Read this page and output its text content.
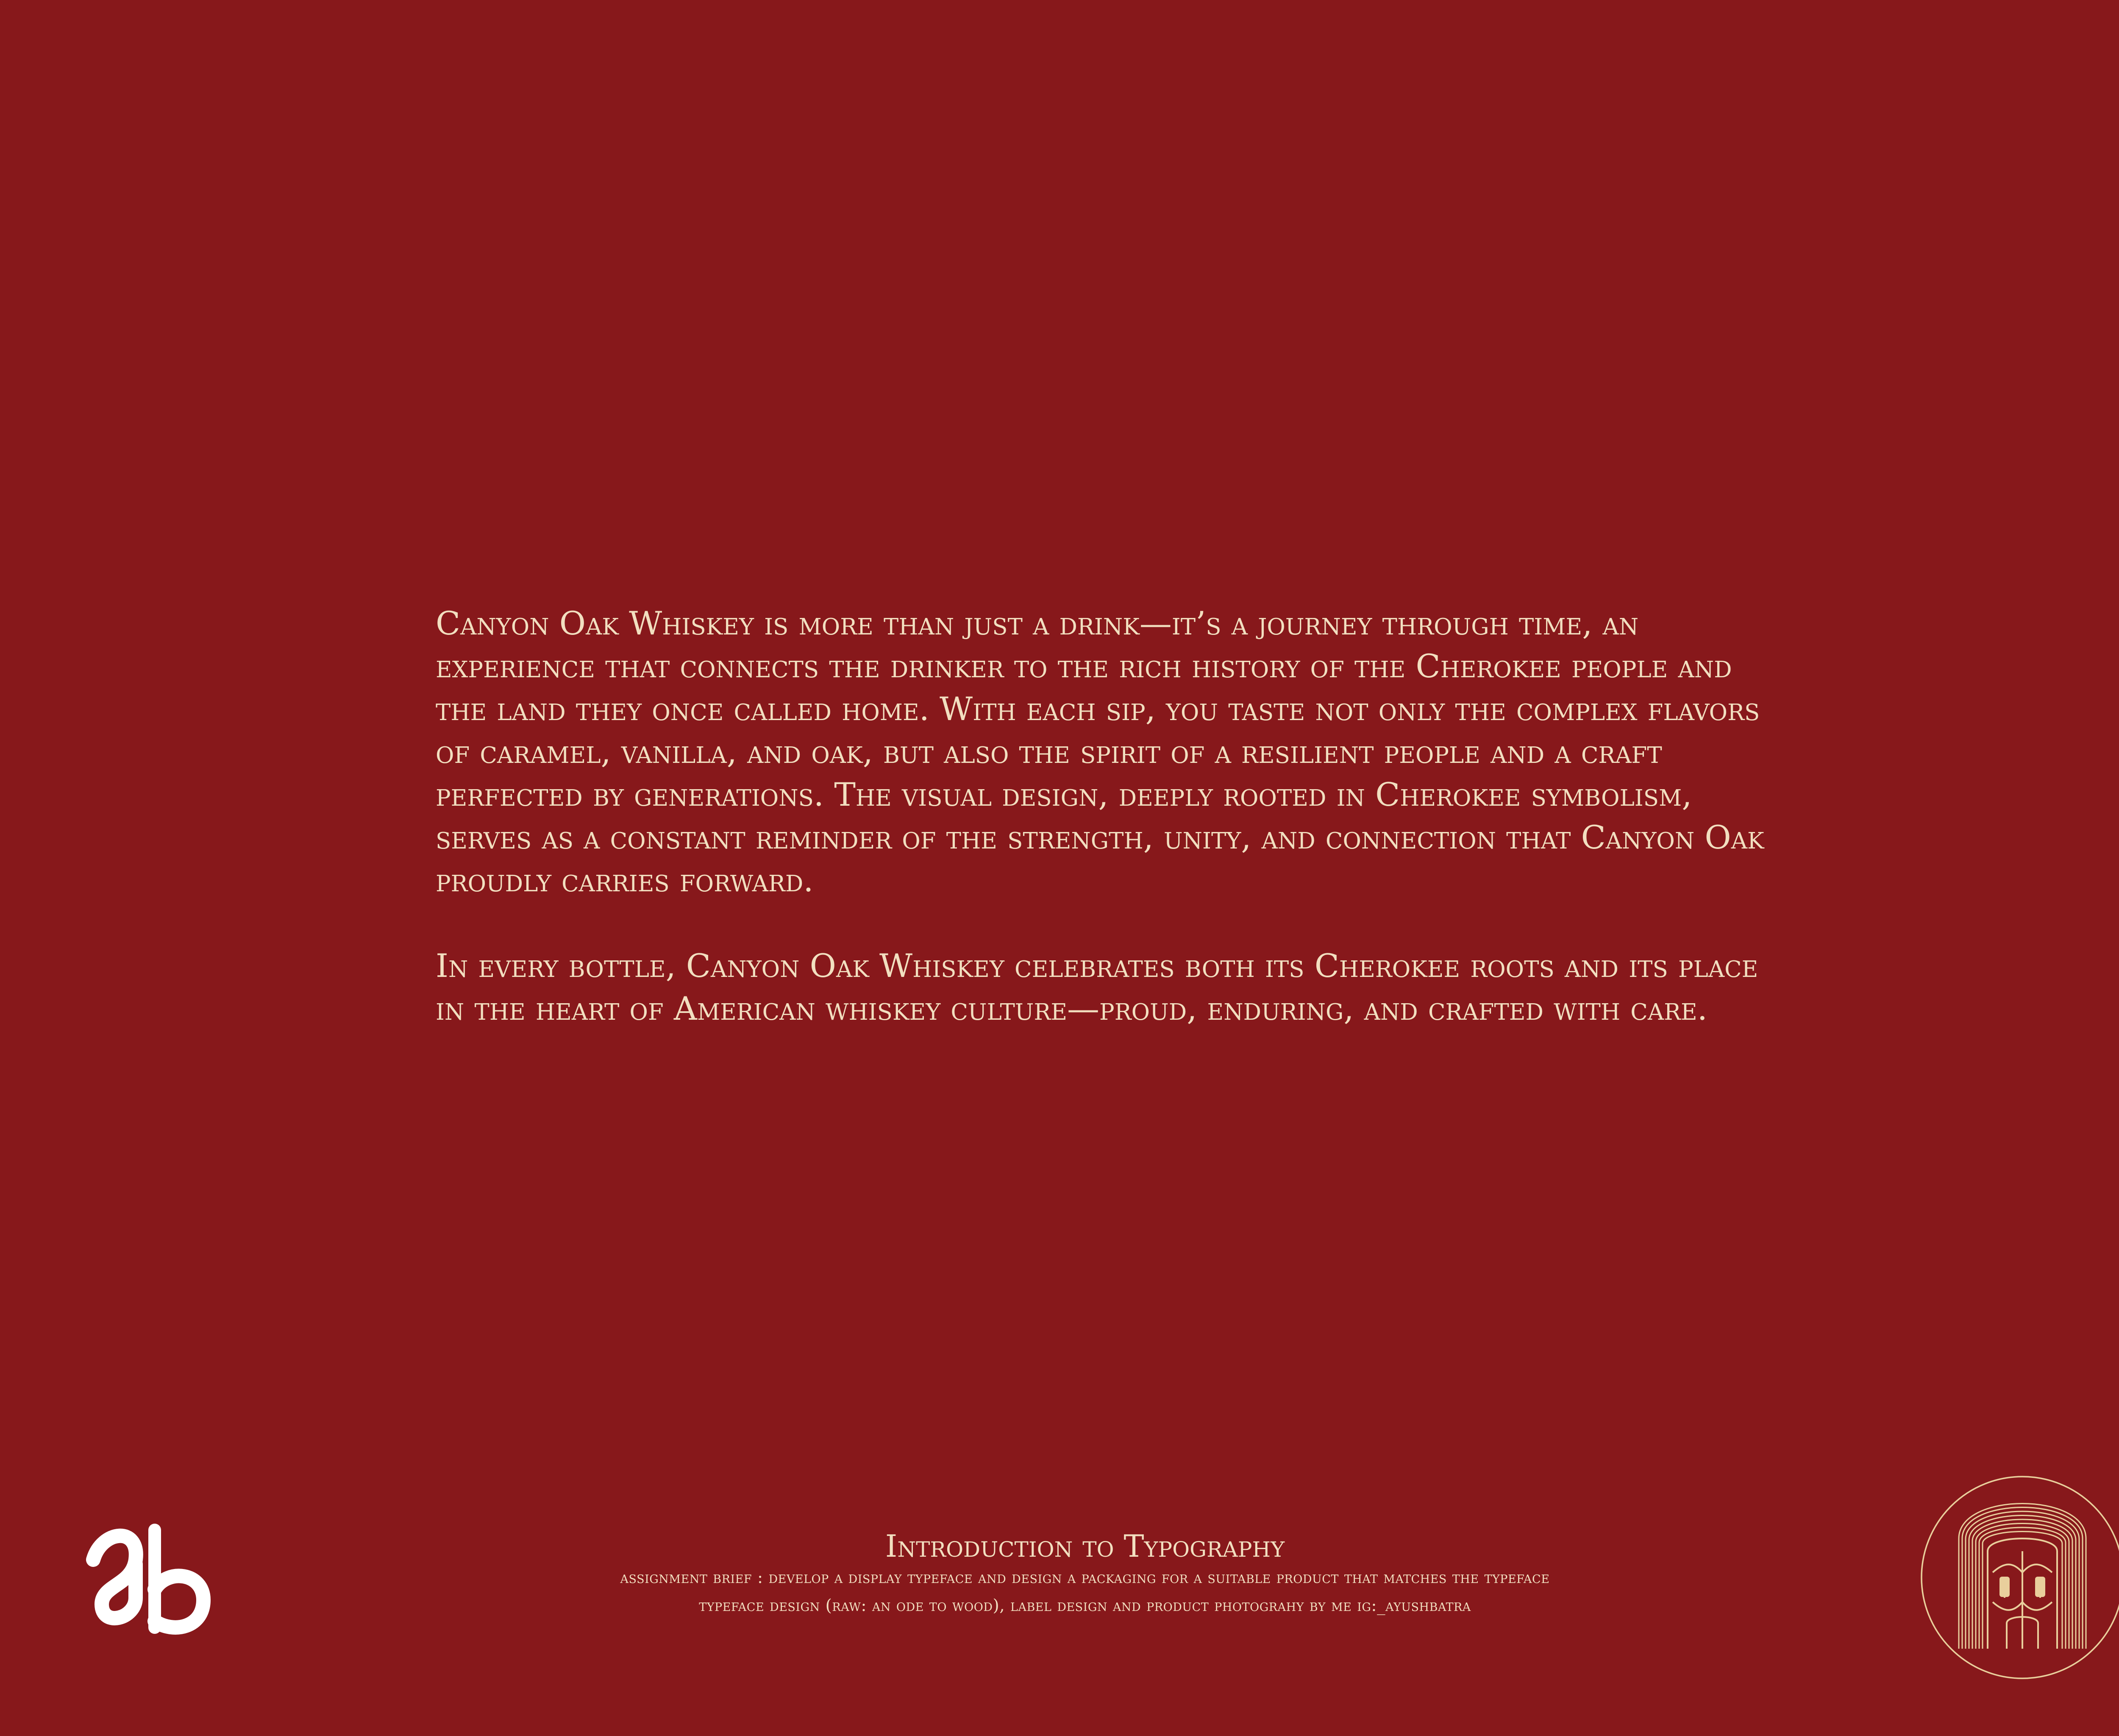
Canyon Oak Whiskey is more than just a drink—it’s a journey through time, an experience that connects the drinker to the rich history of the Cherokee people and the land they once called home. With each sip, you taste not only the complex flavors of caramel, vanilla, and oak, but also the spirit of a resilient people and a craft perfected by generations. The visual design, deeply rooted in Cherokee symbolism, serves as a constant reminder of the strength, unity, and connection that Canyon Oak proudly carries forward.

In every bottle, Canyon Oak Whiskey celebrates both its Cherokee roots and its place in the heart of American whiskey culture—proud, enduring, and crafted with care.

Introduction to Typography

assignment brief : develop a display typeface and design a packaging for a suitable product that matches the typeface

typeface design (raw: an ode to wood), label design and product photograhy by me ig:_ayushbatra
